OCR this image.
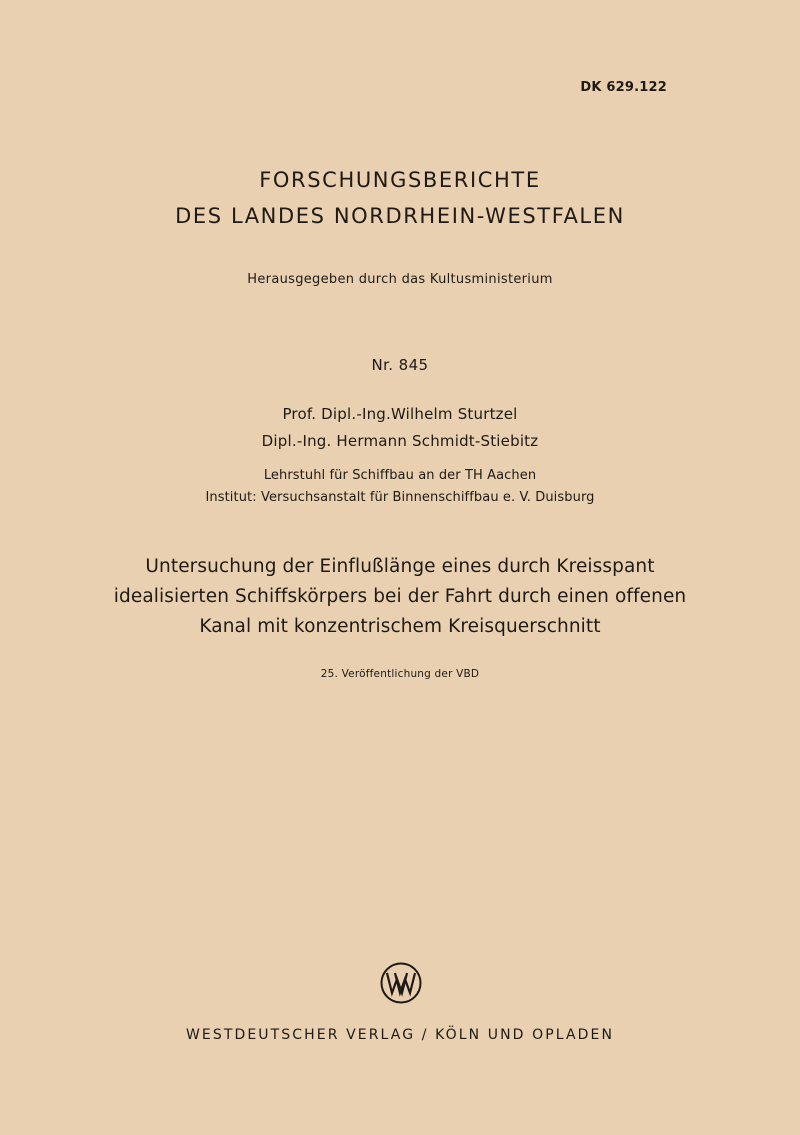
DK 629.122
FORSCHUNGSBERICHTE
DES LANDES NORDRHEIN-WESTFALEN
Herausgegeben durch das Kultusministerium
Nr. 845
Prof. Dipl.-Ing.Wilhelm Sturtzel
Dipl.-Ing. Hermann Schmidt-Stiebitz
Lehrstuhl für Schiffbau an der TH Aachen
Institut: Versuchsanstalt für Binnenschiffbau e. V. Duisburg
Untersuchung der Einflußlänge eines durch Kreisspant
idealisierten Schiffskörpers bei der Fahrt durch einen offenen
Kanal mit konzentrischem Kreisquerschnitt
25. Veröffentlichung der VBD
WESTDEUTSCHER VERLAG / KÖLN UND OPLADEN
